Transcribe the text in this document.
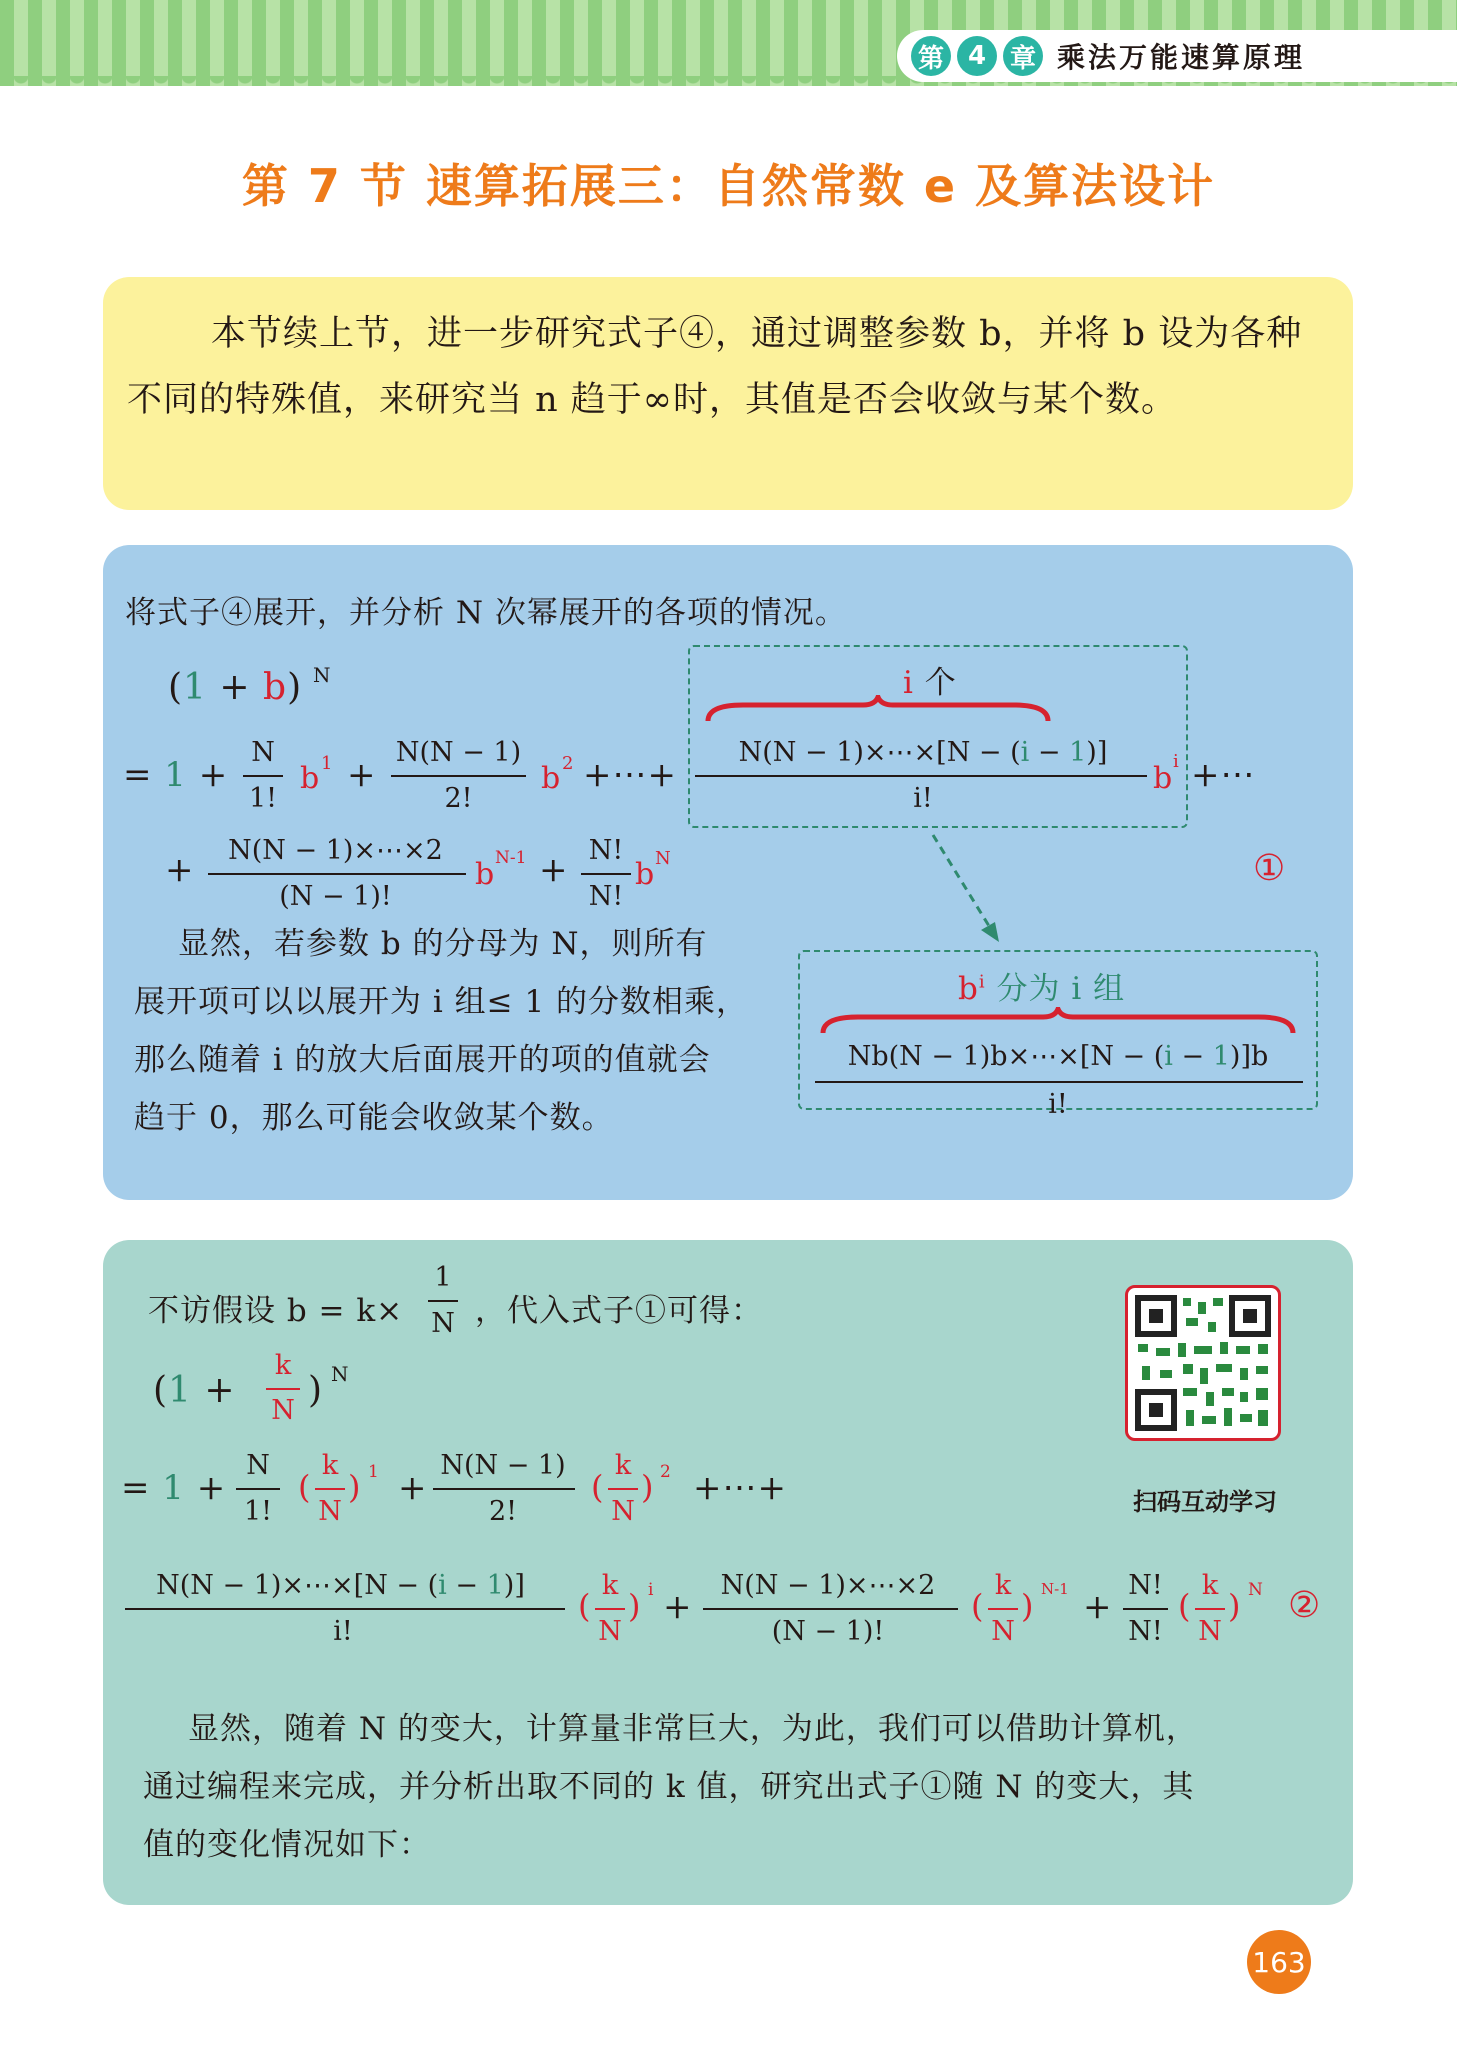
第 4 章 乘法万能速算原理
第 7 节 速算拓展三：自然常数 e 及算法设计

本节续上节，进一步研究式子④，通过调整参数 b，并将 b 设为各种不同的特殊值，来研究当 n 趋于∞时，其值是否会收敛与某个数。

将式子④展开，并分析 N 次幂展开的各项的情况。
(1 + b) N
= 1 +
N
1!
b 1 +
N(N − 1)
2!
b 2 +⋯+
i 个
N(N − 1)×⋯×[N − (i − 1)]
i!
b i +⋯
+	N(N − 1)×⋯×2
(N − 1)!
b N-1 + N!
N!
b N	①
显然，若参数 b 的分母为 N，则所有
展开项可以以展开为 i 组≤ 1 的分数相乘，
那么随着 i 的放大后面展开的项的值就会
趋于 0，那么可能会收敛某个数。
$b^i$ 分为 i 组
Nb(N − 1)b×⋯×[N − (i − 1)]b
i!
不访假设 b = k×
1
N ，代入式子①可得：
(1 +
k
N ) N
= 1 +
N
1!
(
k
N
) 1 +
N(N − 1)
2!
(
k
N
) 2 +⋯+
N(N − 1)×⋯×[N − (i − 1)]
i!
(
k
N
) i +
N(N − 1)×⋯×2
(N − 1)!
(
k
N
) N-1 +
N!
N!
(
k
N
) N ②
显然，随着 N 的变大，计算量非常巨大，为此，我们可以借助计算机，
通过编程来完成，并分析出取不同的 k 值，研究出式子①随 N 的变大，其
值的变化情况如下：
扫码互动学习
163
